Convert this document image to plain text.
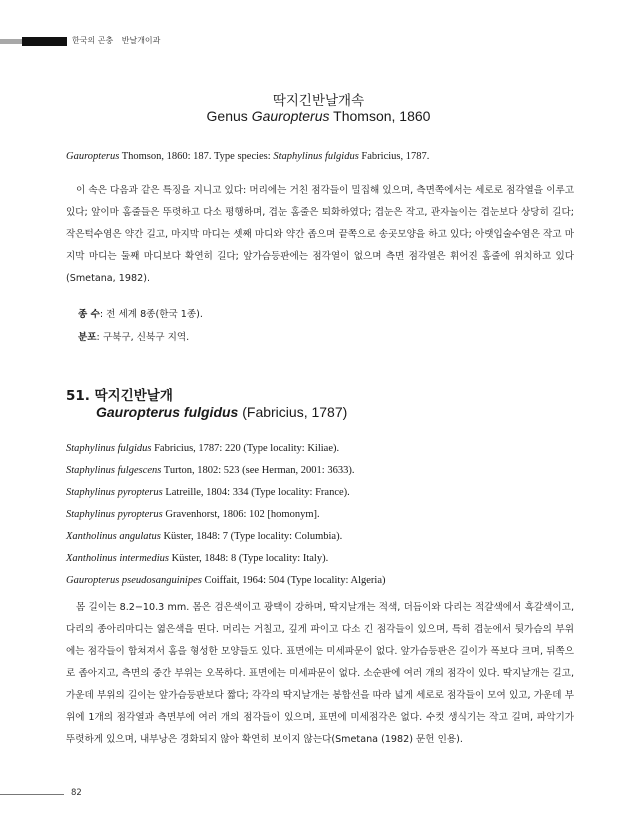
한국의 곤충 반날개이과
딱지긴반날개속
Genus Gauropterus Thomson, 1860
Gauropterus Thomson, 1860: 187. Type species: Staphylinus fulgidus Fabricius, 1787.
이 속은 다음과 같은 특징을 지니고 있다: 머리에는 거친 점각들이 밀집해 있으며, 측면쪽에서는 세로로 점각열을 이루고 있다; 앞이마 홈줄들은 뚜렷하고 다소 평행하며, 겹눈 홈줄은 퇴화하였다; 겹눈은 작고, 관자놀이는 겹눈보다 상당히 길다; 작은턱수염은 약간 길고, 마지막 마디는 셋째 마디와 약간 좁으며 끝쪽으로 송곳모양을 하고 있다; 아랫입술수염은 작고 마지막 마디는 둘째 마디보다 확연히 길다; 앞가슴등판에는 점각열이 없으며 측면 점각열은 휘어진 홈줄에 위치하고 있다(Smetana, 1982).
종 수: 전 세계 8종(한국 1종).
분포: 구북구, 신북구 지역.
51. 딱지긴반날개
Gauropterus fulgidus (Fabricius, 1787)
Staphylinus fulgidus Fabricius, 1787: 220 (Type locality: Kiliae).
Staphylinus fulgescens Turton, 1802: 523 (see Herman, 2001: 3633).
Staphylinus pyropterus Latreille, 1804: 334 (Type locality: France).
Staphylinus pyropterus Gravenhorst, 1806: 102 [homonym].
Xantholinus angulatus Küster, 1848: 7 (Type locality: Columbia).
Xantholinus intermedius Küster, 1848: 8 (Type locality: Italy).
Gauropterus pseudosanguinipes Coiffait, 1964: 504 (Type locality: Algeria)
몸 길이는 8.2−10.3 mm. 몸은 검은색이고 광택이 강하며, 딱지날개는 적색, 더듬이와 다리는 적갈색에서 흑갈색이고, 다리의 종아리마디는 엷은색을 띤다. 머리는 거칠고, 깊게 파이고 다소 긴 점각들이 있으며, 특히 겹눈에서 뒷가슴의 부위에는 점각들이 합쳐져서 홈을 형성한 모양들도 있다. 표면에는 미세파문이 없다. 앞가슴등판은 길이가 폭보다 크며, 뒤쪽으로 좁아지고, 측면의 중간 부위는 오목하다. 표면에는 미세파문이 없다. 소순판에 여러 개의 점각이 있다. 딱지날개는 길고, 가운데 부위의 길이는 앞가슴등판보다 짧다; 각각의 딱지날개는 봉합선을 따라 넓게 세로로 점각들이 모여 있고, 가운데 부위에 1개의 점각열과 측면부에 여러 개의 점각들이 있으며, 표면에 미세점각은 없다. 수컷 생식기는 작고 길며, 파악기가 뚜렷하게 있으며, 내부낭은 경화되지 않아 확연히 보이지 않는다(Smetana (1982) 문헌 인용).
82
